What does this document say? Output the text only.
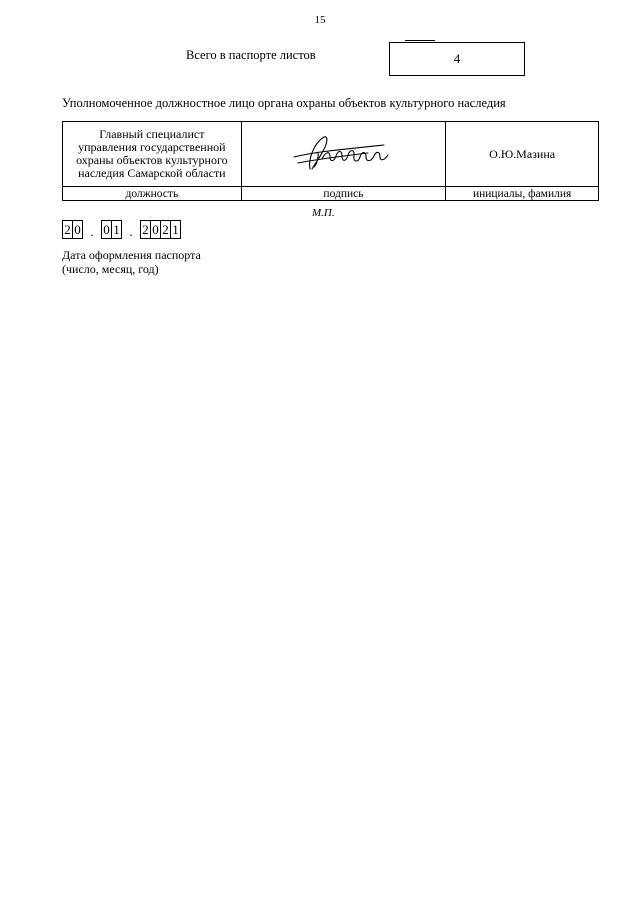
15
Всего в паспорте листов	4
Уполномоченное должностное лицо органа охраны объектов культурного наследия
Главный специалист
управления государственной
охраны объектов культурного
наследия Самарской области		О.Ю.Мазина
должность	подпись	инициалы, фамилия
М.П.
2 0 . 0 1 . 2 0 2 1
Дата оформления паспорта
(число, месяц, год)
